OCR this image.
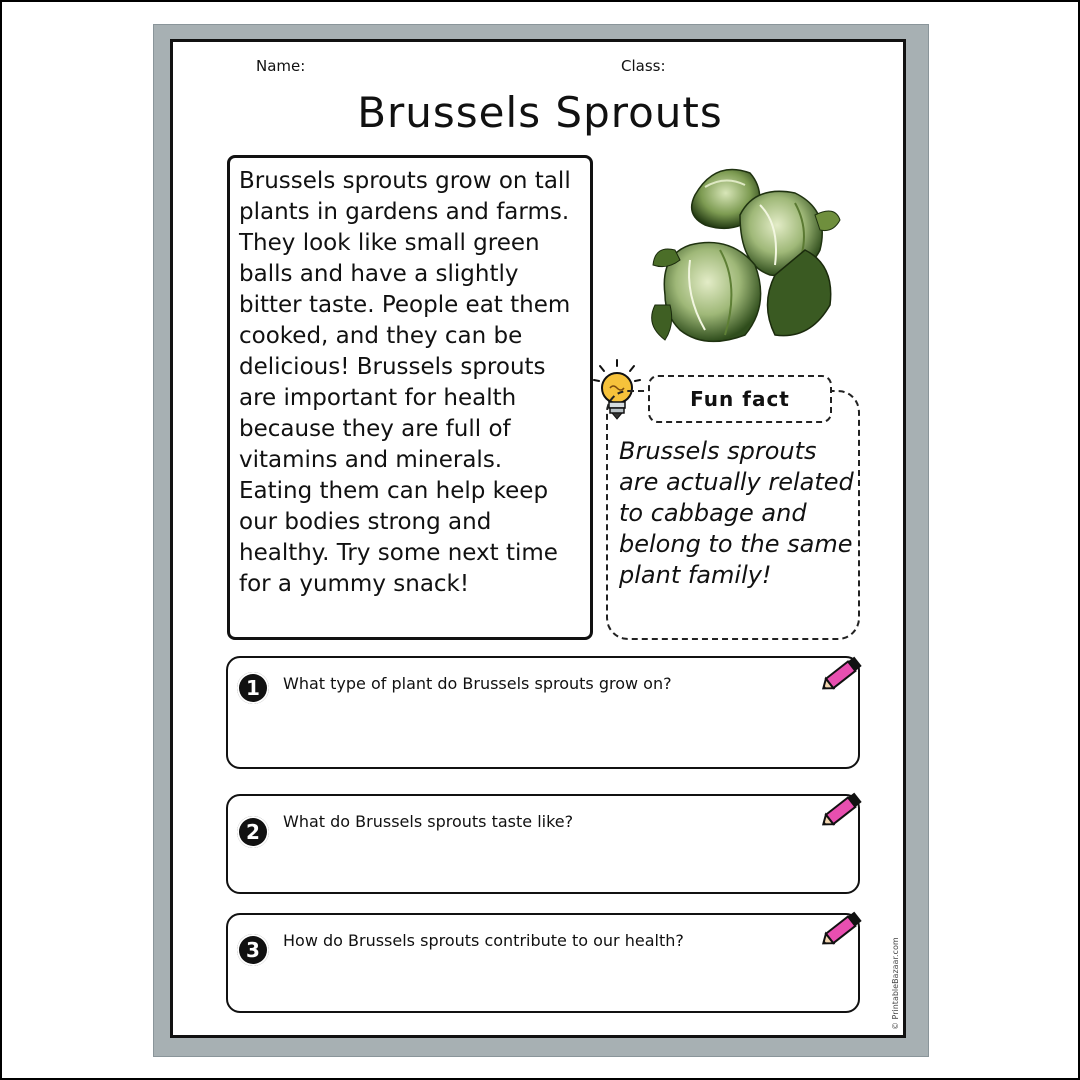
Name:	Class:
Brussels Sprouts
Brussels sprouts grow on tall plants in gardens and farms. They look like small green balls and have a slightly bitter taste. People eat them cooked, and they can be delicious! Brussels sprouts are important for health because they are full of vitamins and minerals. Eating them can help keep our bodies strong and healthy. Try some next time for a yummy snack!
Fun fact
Brussels sprouts are actually related to cabbage and belong to the same plant family!
1	What type of plant do Brussels sprouts grow on?
2	What do Brussels sprouts taste like?
3	How do Brussels sprouts contribute to our health?	© PrintableBazaar.com
